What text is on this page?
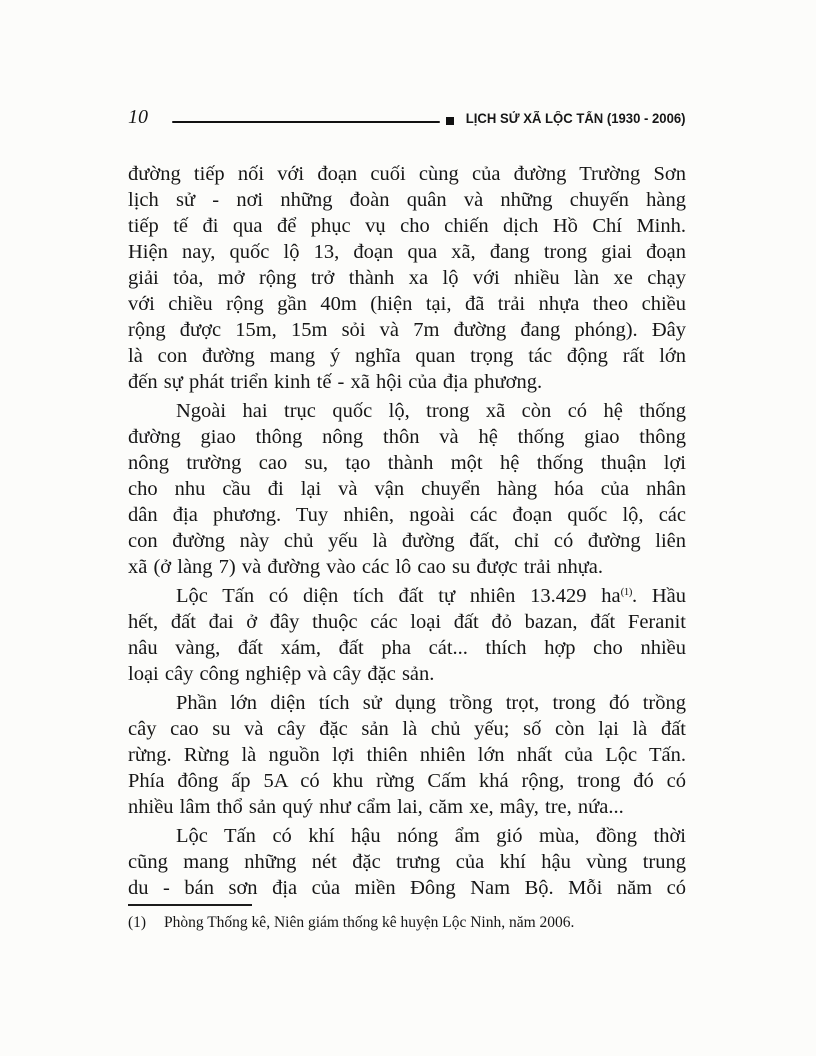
10	LỊCH SỬ XÃ LỘC TẤN (1930 - 2006)
đường tiếp nối với đoạn cuối cùng của đường Trường Sơn
lịch sử - nơi những đoàn quân và những chuyến hàng
tiếp tế đi qua để phục vụ cho chiến dịch Hồ Chí Minh.
Hiện nay, quốc lộ 13, đoạn qua xã, đang trong giai đoạn
giải tỏa, mở rộng trở thành xa lộ với nhiều làn xe chạy
với chiều rộng gần 40m (hiện tại, đã trải nhựa theo chiều
rộng được 15m, 15m sỏi và 7m đường đang phóng). Đây
là con đường mang ý nghĩa quan trọng tác động rất lớn
đến sự phát triển kinh tế - xã hội của địa phương.
Ngoài hai trục quốc lộ, trong xã còn có hệ thống
đường giao thông nông thôn và hệ thống giao thông
nông trường cao su, tạo thành một hệ thống thuận lợi
cho nhu cầu đi lại và vận chuyển hàng hóa của nhân
dân địa phương. Tuy nhiên, ngoài các đoạn quốc lộ, các
con đường này chủ yếu là đường đất, chỉ có đường liên
xã (ở làng 7) và đường vào các lô cao su được trải nhựa.
Lộc Tấn có diện tích đất tự nhiên 13.429 $ha^{(1)}$. Hầu
hết, đất đai ở đây thuộc các loại đất đỏ bazan, đất Feranit
nâu vàng, đất xám, đất pha cát... thích hợp cho nhiều
loại cây công nghiệp và cây đặc sản.
Phần lớn diện tích sử dụng trồng trọt, trong đó trồng
cây cao su và cây đặc sản là chủ yếu; số còn lại là đất
rừng. Rừng là nguồn lợi thiên nhiên lớn nhất của Lộc Tấn.
Phía đông ấp 5A có khu rừng Cấm khá rộng, trong đó có
nhiều lâm thổ sản quý như cẩm lai, căm xe, mây, tre, nứa...
Lộc Tấn có khí hậu nóng ẩm gió mùa, đồng thời
cũng mang những nét đặc trưng của khí hậu vùng trung
du - bán sơn địa của miền Đông Nam Bộ. Mỗi năm có
(1) Phòng Thống kê, Niên giám thống kê huyện Lộc Ninh, năm 2006.
